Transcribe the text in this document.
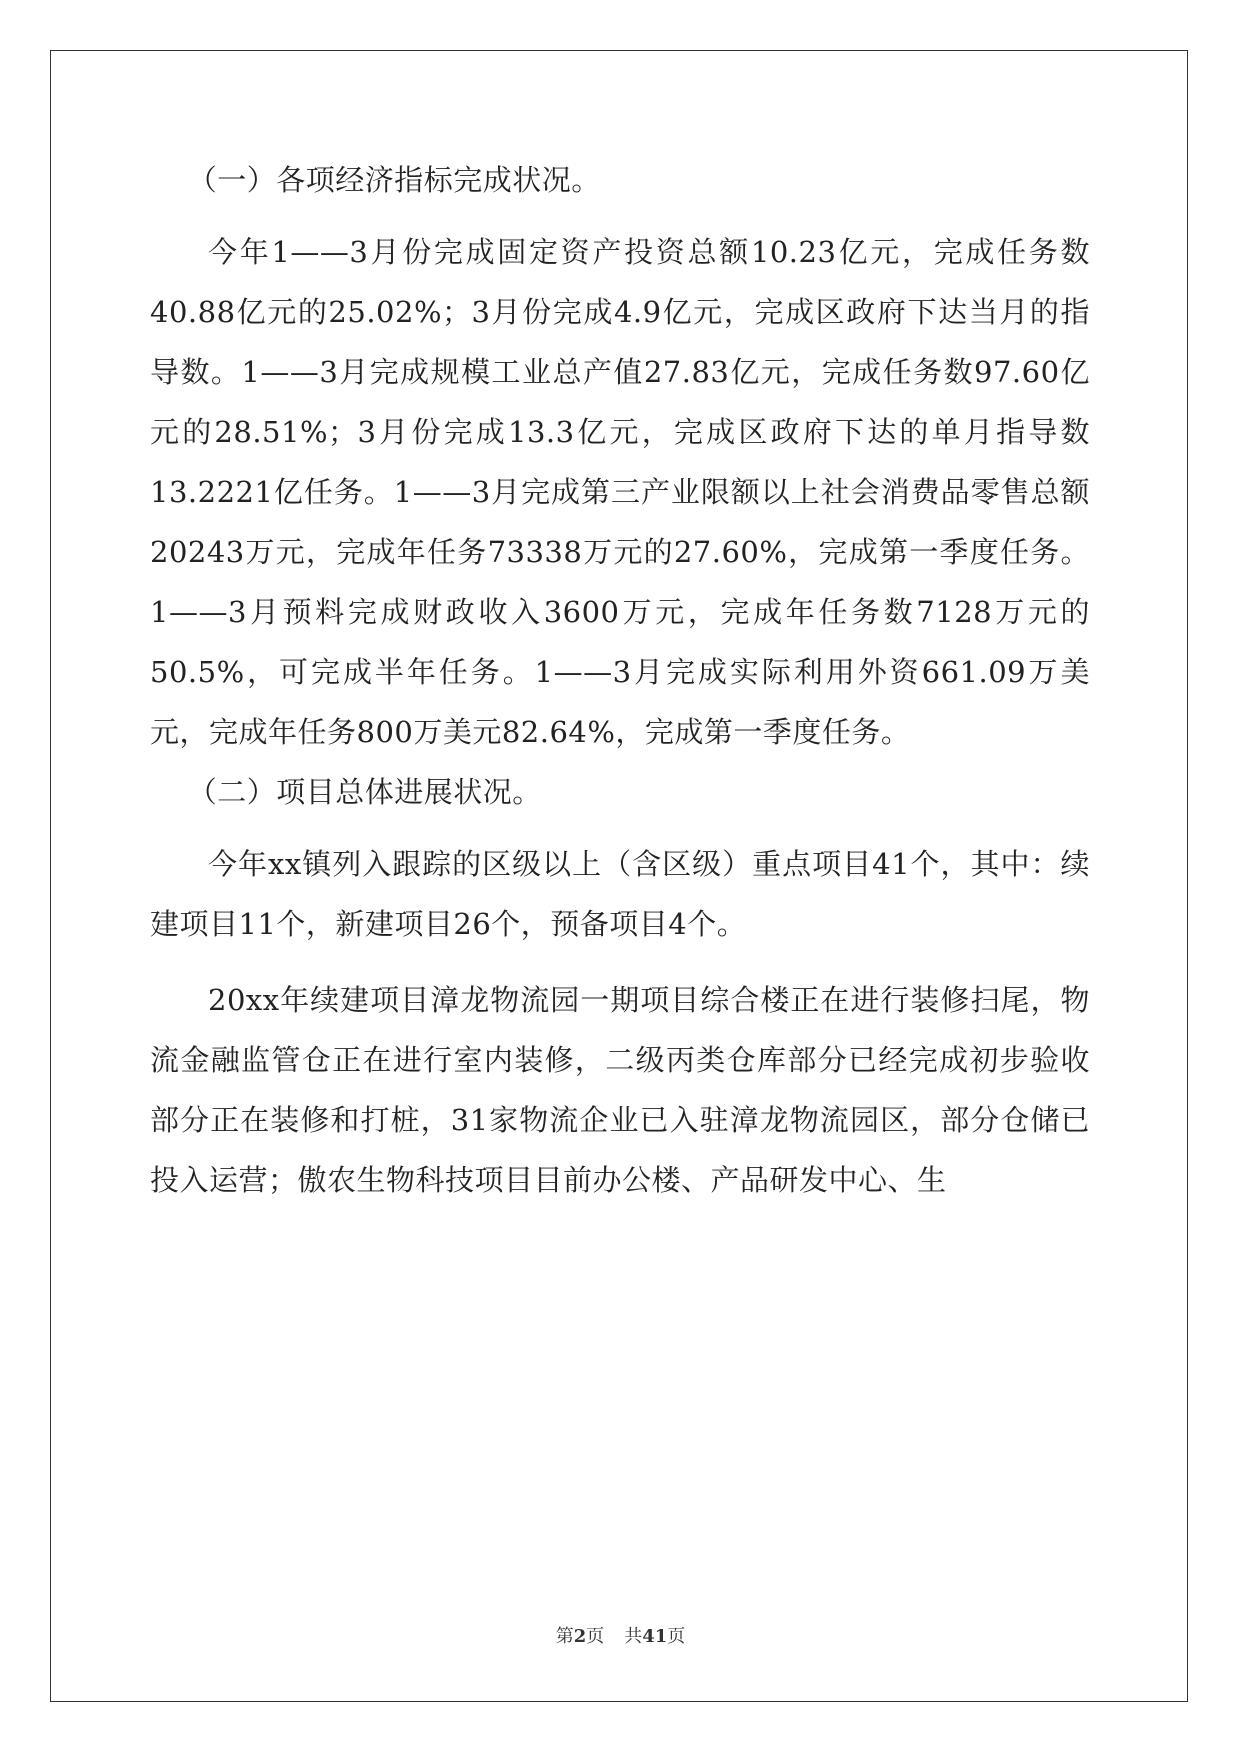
（一）各项经济指标完成状况。

今年1——3月份完成固定资产投资总额10.23亿元，完成任务数40.88亿元的25.02%；3月份完成4.9亿元，完成区政府下达当月的指导数。1——3月完成规模工业总产值27.83亿元，完成任务数97.60亿元的28.51%；3月份完成13.3亿元，完成区政府下达的单月指导数13.2221亿任务。1——3月完成第三产业限额以上社会消费品零售总额20243万元，完成年任务73338万元的27.60%，完成第一季度任务。1——3月预料完成财政收入3600万元，完成年任务数7128万元的50.5%，可完成半年任务。1——3月完成实际利用外资661.09万美元，完成年任务800万美元82.64%，完成第一季度任务。

（二）项目总体进展状况。

今年xx镇列入跟踪的区级以上（含区级）重点项目41个，其中：续建项目11个，新建项目26个，预备项目4个。

20xx年续建项目漳龙物流园一期项目综合楼正在进行装修扫尾，物流金融监管仓正在进行室内装修，二级丙类仓库部分已经完成初步验收部分正在装修和打桩，31家物流企业已入驻漳龙物流园区，部分仓储已投入运营；傲农生物科技项目目前办公楼、产品研发中心、生

第2页 共41页
